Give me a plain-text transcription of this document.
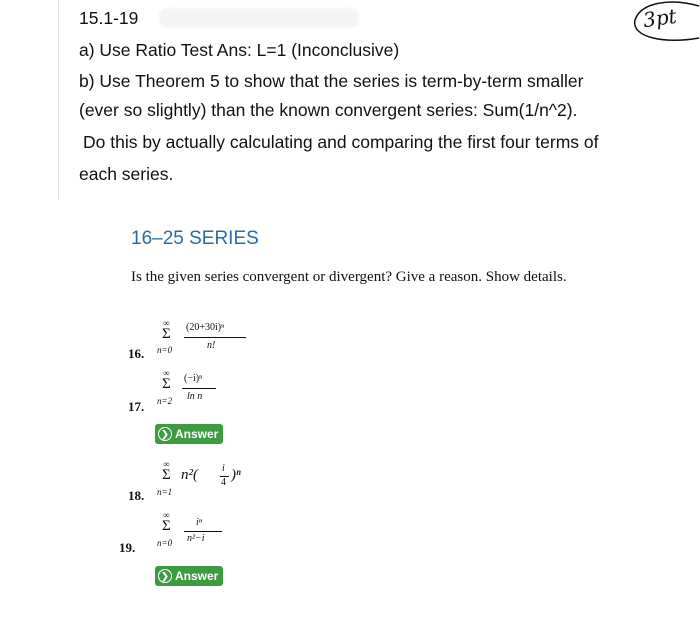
15.1-19
a) Use Ratio Test Ans: L=1 (Inconclusive)
b) Use Theorem 5 to show that the series is term-by-term smaller
(ever so slightly) than the known convergent series: Sum(1/n^2).
Do this by actually calculating and comparing the first four terms of
each series.
3pt
16–25 SERIES
Is the given series convergent or divergent? Give a reason. Show details.
∞
Σ
n=0
16.
(20+30i)ⁿ
n!
∞
Σ
n=2
17.
(−i)ⁿ
ln n
❯ Answer
∞
Σ
n=1
18.
n²( i
4 )ⁿ
∞
Σ
n=0
19.
iⁿ
n²−i
❯ Answer
